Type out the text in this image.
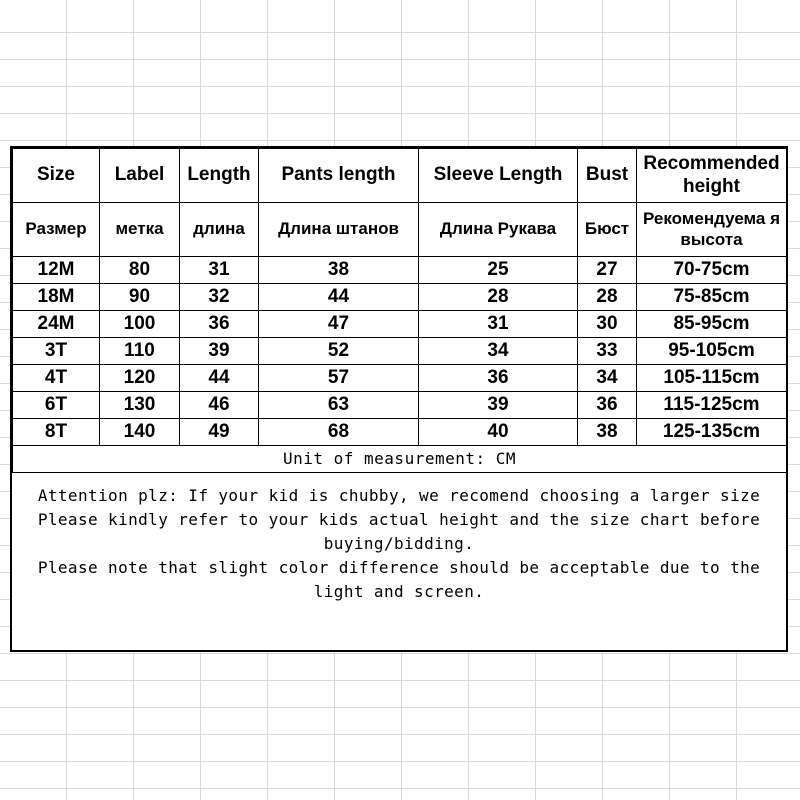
Size	Label	Length	Pants length	Sleeve Length	Bust	Recommended height
Размер	метка	длина	Длина штанов	Длина Рукава	Бюст	Рекомендуема я высота
12M	80	31	38	25	27	70-75cm
18M	90	32	44	28	28	75-85cm
24M	100	36	47	31	30	85-95cm
3T	110	39	52	34	33	95-105cm
4T	120	44	57	36	34	105-115cm
6T	130	46	63	39	36	115-125cm
8T	140	49	68	40	38	125-135cm
Unit of measurement: CM						

Attention plz: If your kid is chubby, we recomend choosing a larger size

Please kindly refer to your kids actual height and the size chart before buying/bidding.

Please note that slight color difference should be acceptable due to the light and screen.
